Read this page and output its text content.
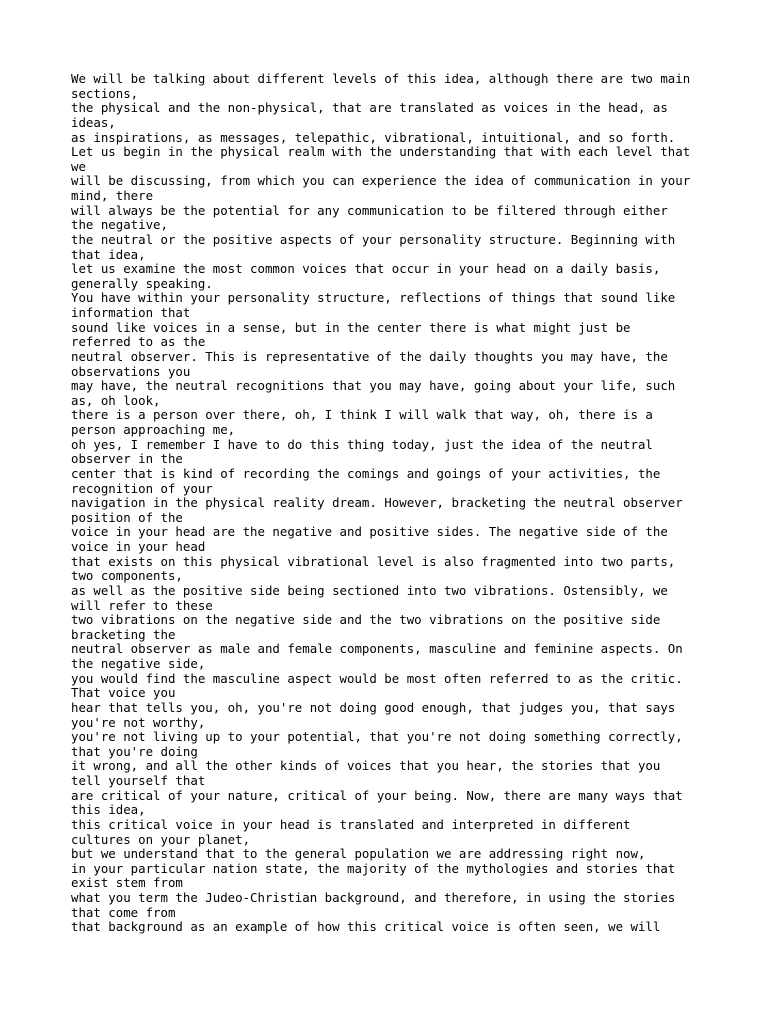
We will be talking about different levels of this idea, although there are two main
sections,
the physical and the non-physical, that are translated as voices in the head, as
ideas,
as inspirations, as messages, telepathic, vibrational, intuitional, and so forth.
Let us begin in the physical realm with the understanding that with each level that
we
will be discussing, from which you can experience the idea of communication in your
mind, there
will always be the potential for any communication to be filtered through either
the negative,
the neutral or the positive aspects of your personality structure. Beginning with
that idea,
let us examine the most common voices that occur in your head on a daily basis,
generally speaking.
You have within your personality structure, reflections of things that sound like
information that
sound like voices in a sense, but in the center there is what might just be
referred to as the
neutral observer. This is representative of the daily thoughts you may have, the
observations you
may have, the neutral recognitions that you may have, going about your life, such
as, oh look,
there is a person over there, oh, I think I will walk that way, oh, there is a
person approaching me,
oh yes, I remember I have to do this thing today, just the idea of the neutral
observer in the
center that is kind of recording the comings and goings of your activities, the
recognition of your
navigation in the physical reality dream. However, bracketing the neutral observer
position of the
voice in your head are the negative and positive sides. The negative side of the
voice in your head
that exists on this physical vibrational level is also fragmented into two parts,
two components,
as well as the positive side being sectioned into two vibrations. Ostensibly, we
will refer to these
two vibrations on the negative side and the two vibrations on the positive side
bracketing the
neutral observer as male and female components, masculine and feminine aspects. On
the negative side,
you would find the masculine aspect would be most often referred to as the critic.
That voice you
hear that tells you, oh, you're not doing good enough, that judges you, that says
you're not worthy,
you're not living up to your potential, that you're not doing something correctly,
that you're doing
it wrong, and all the other kinds of voices that you hear, the stories that you
tell yourself that
are critical of your nature, critical of your being. Now, there are many ways that
this idea,
this critical voice in your head is translated and interpreted in different
cultures on your planet,
but we understand that to the general population we are addressing right now,
in your particular nation state, the majority of the mythologies and stories that
exist stem from
what you term the Judeo-Christian background, and therefore, in using the stories
that come from
that background as an example of how this critical voice is often seen, we will
